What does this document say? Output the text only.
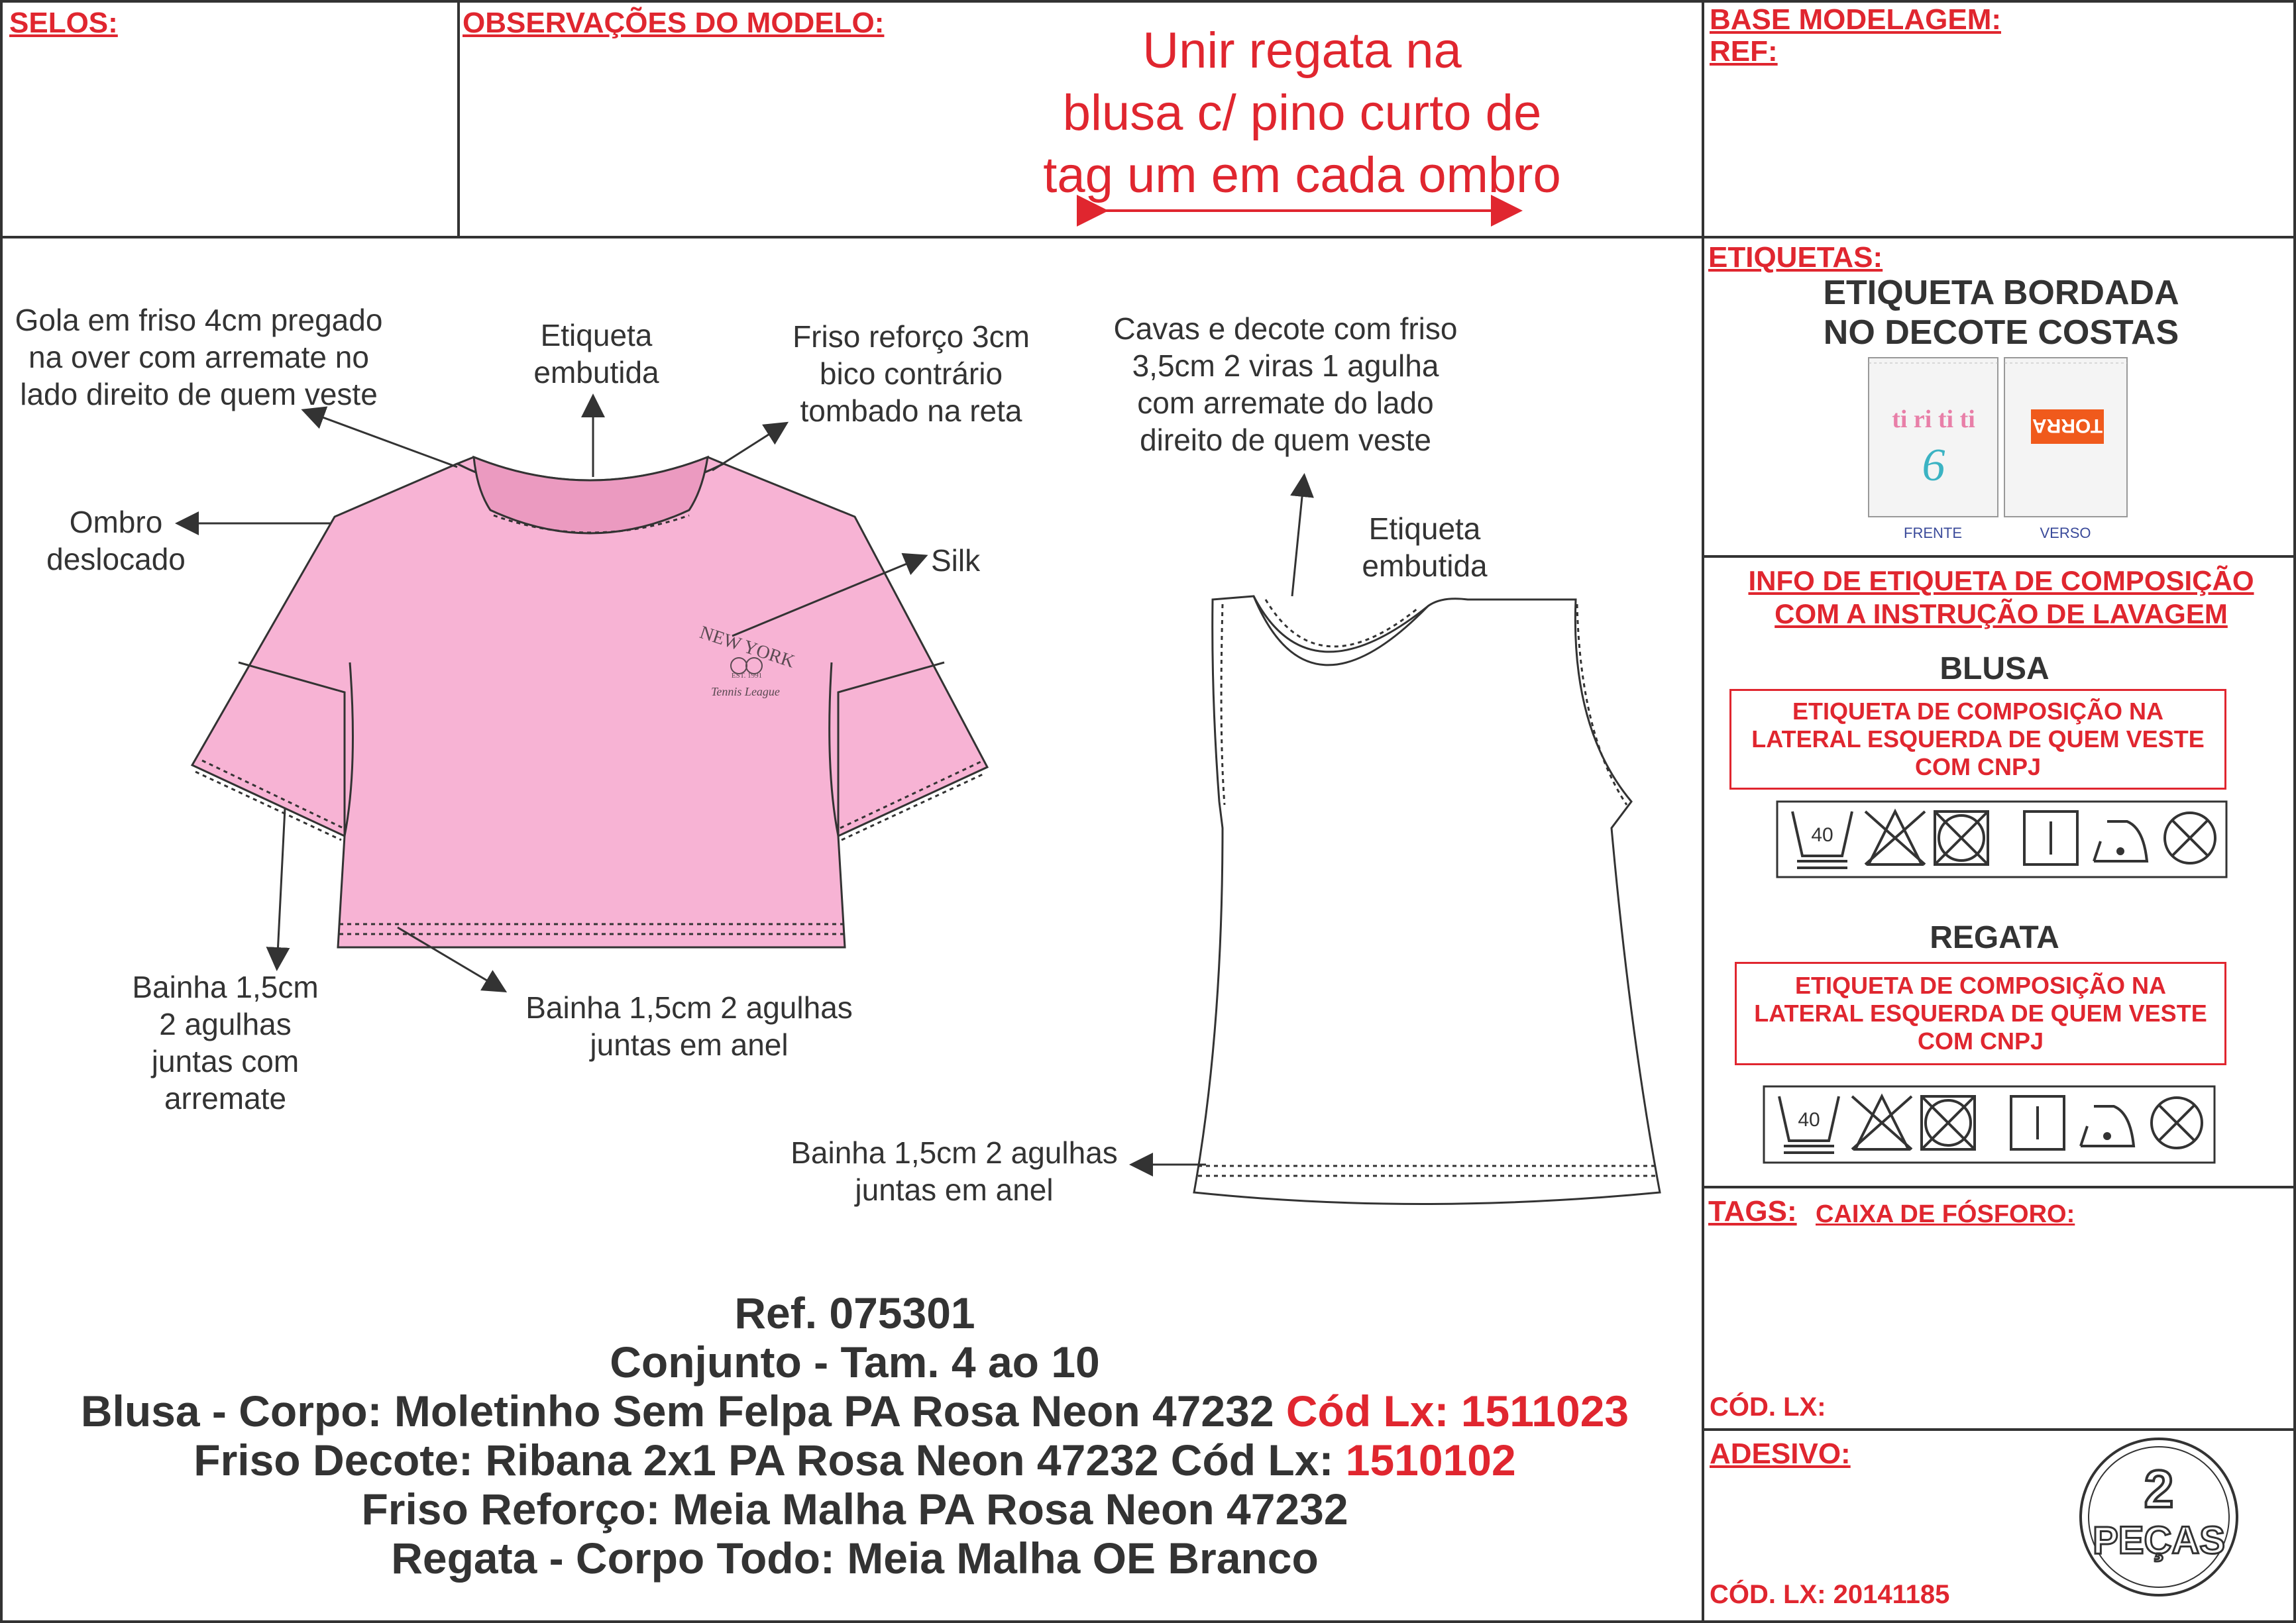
SELOS:	OBSERVAÇÕES DO MODELO:	Unir regata na
blusa c/ pino curto de
tag um em cada ombro
BASE MODELAGEM:
REF:
NEW YORK
EST. 1991
Tennis League
Gola em friso 4cm pregado
na over com arremate no
lado direito de quem veste
Etiqueta
embutida
Friso reforço 3cm
bico contrário
tombado na reta
Ombro
deslocado	Silk
Bainha 1,5cm
2 agulhas
juntas com
arremate
Bainha 1,5cm 2 agulhas
juntas em anel
Cavas e decote com friso
3,5cm 2 viras 1 agulha
com arremate do lado
direito de quem veste
Etiqueta
embutida
Bainha 1,5cm 2 agulhas
juntas em anel
Ref. 075301
Conjunto - Tam. 4 ao 10
Blusa - Corpo: Moletinho Sem Felpa PA Rosa Neon 47232 Cód Lx: 1511023
Friso Decote: Ribana 2x1 PA Rosa Neon 47232 Cód Lx: 1510102
Friso Reforço: Meia Malha PA Rosa Neon 47232
Regata - Corpo Todo: Meia Malha OE Branco
ETIQUETAS:
ETIQUETA BORDADA
NO DECOTE COSTAS
TORRA
ti ri ti ti
6
FRENTE	VERSO
INFO DE ETIQUETA DE COMPOSIÇÃO
COM A INSTRUÇÃO DE LAVAGEM
BLUSA
ETIQUETA DE COMPOSIÇÃO NA
LATERAL ESQUERDA DE QUEM VESTE
COM CNPJ
REGATA
ETIQUETA DE COMPOSIÇÃO NA
LATERAL ESQUERDA DE QUEM VESTE
COM CNPJ
40
40
TAGS: CAIXA DE FÓSFORO:
CÓD. LX:
ADESIVO:
CÓD. LX: 20141185
2
PEÇAS
